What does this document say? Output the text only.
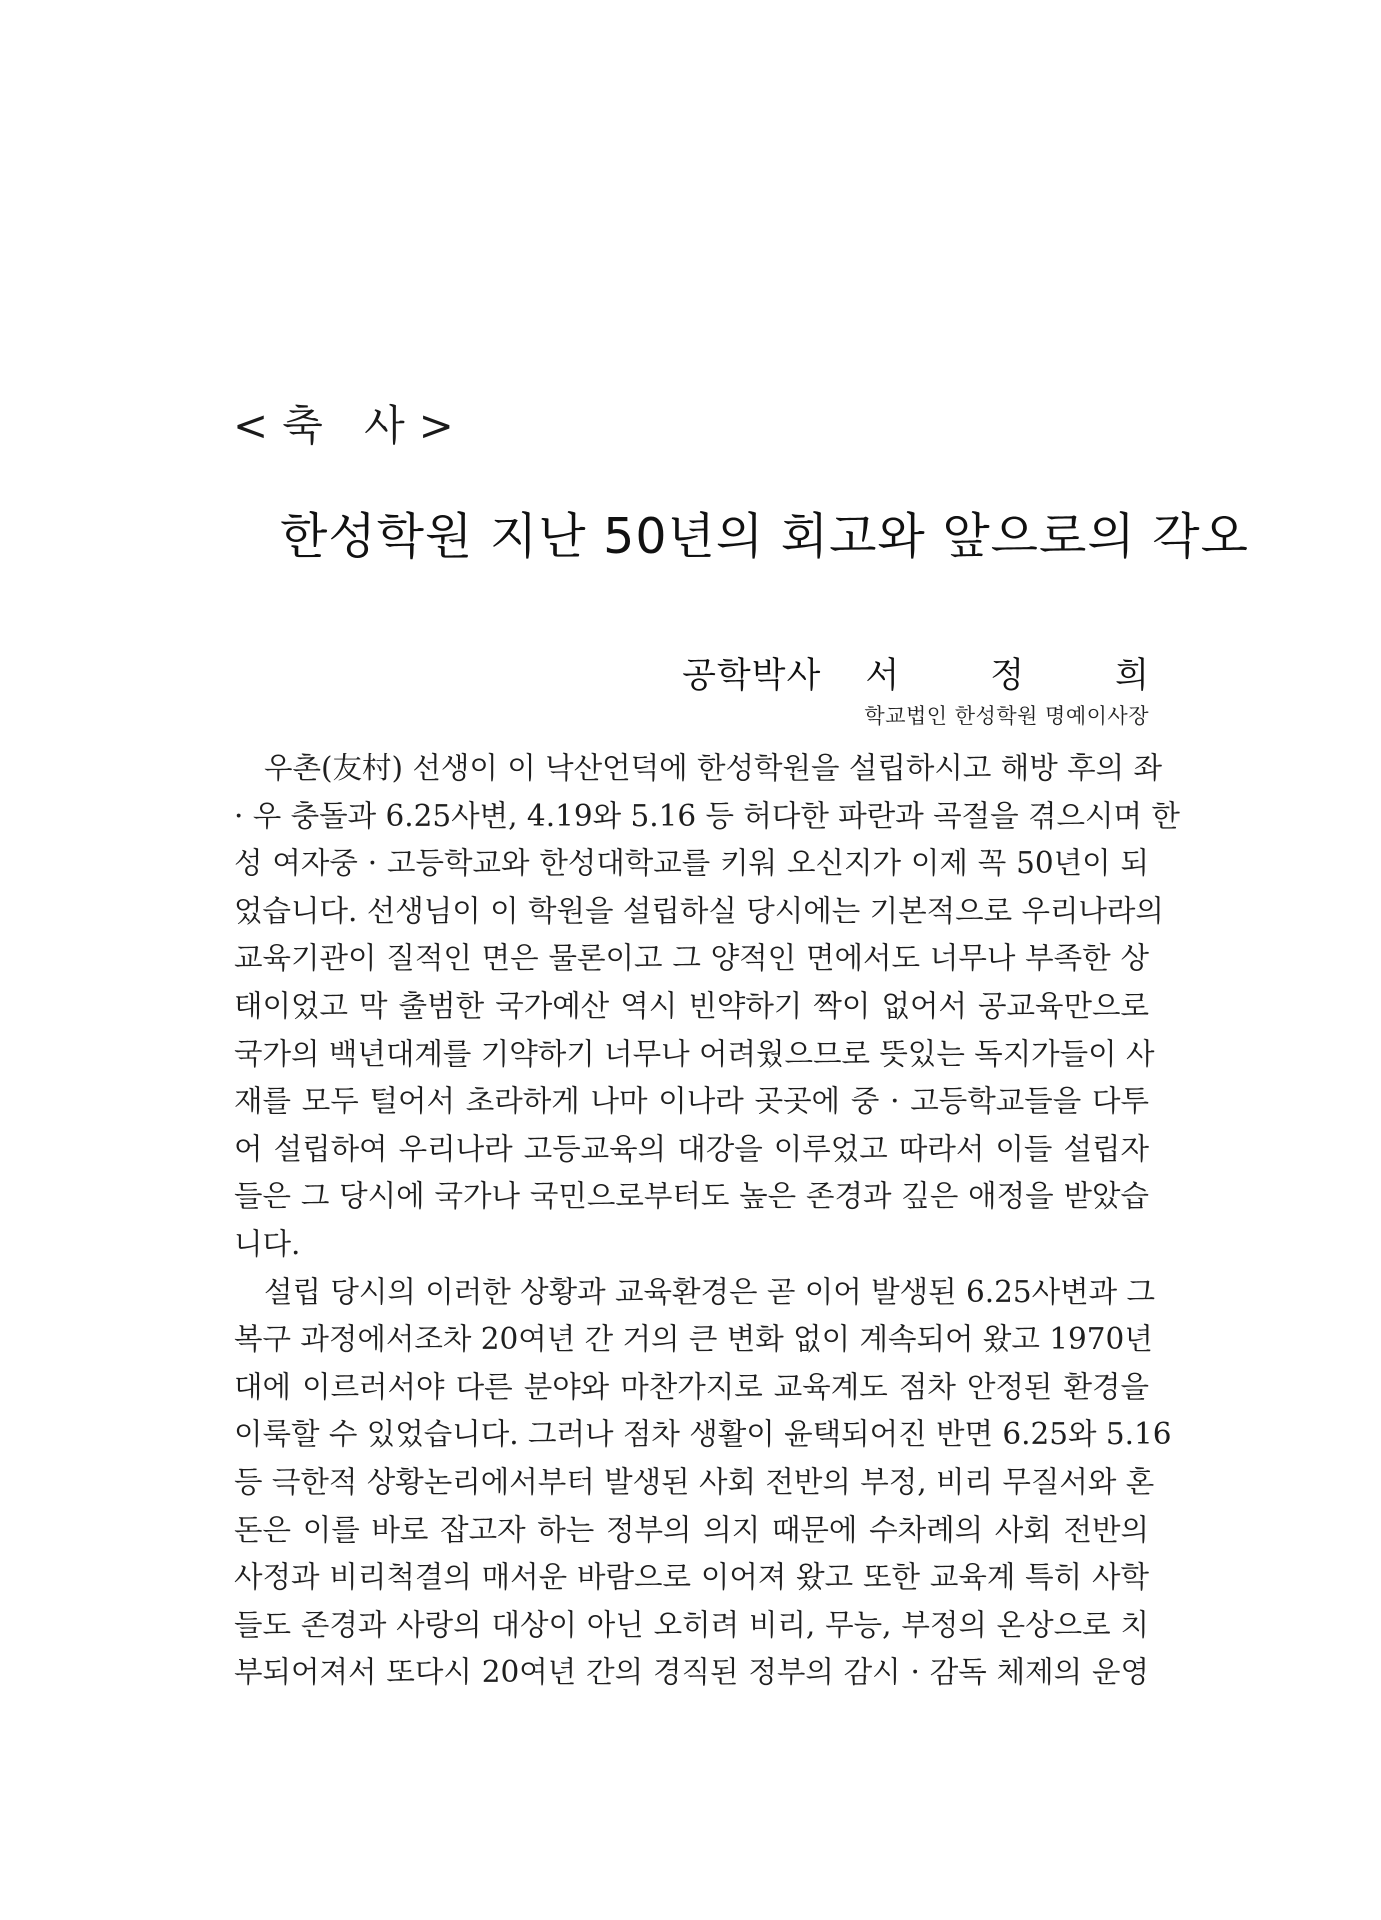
<축 사>
한성학원 지난 50년의 회고와 앞으로의 각오
공학박사 서 정 희
학교법인 한성학원 명예이사장
우촌(友村) 선생이 이 낙산언덕에 한성학원을 설립하시고 해방 후의 좌
· 우 충돌과 6.25사변, 4.19와 5.16 등 허다한 파란과 곡절을 겪으시며 한
성 여자중 · 고등학교와 한성대학교를 키워 오신지가 이제 꼭 50년이 되
었습니다. 선생님이 이 학원을 설립하실 당시에는 기본적으로 우리나라의
교육기관이 질적인 면은 물론이고 그 양적인 면에서도 너무나 부족한 상
태이었고 막 출범한 국가예산 역시 빈약하기 짝이 없어서 공교육만으로
국가의 백년대계를 기약하기 너무나 어려웠으므로 뜻있는 독지가들이 사
재를 모두 털어서 초라하게 나마 이나라 곳곳에 중 · 고등학교들을 다투
어 설립하여 우리나라 고등교육의 대강을 이루었고 따라서 이들 설립자
들은 그 당시에 국가나 국민으로부터도 높은 존경과 깊은 애정을 받았습
니다.
설립 당시의 이러한 상황과 교육환경은 곧 이어 발생된 6.25사변과 그
복구 과정에서조차 20여년 간 거의 큰 변화 없이 계속되어 왔고 1970년
대에 이르러서야 다른 분야와 마찬가지로 교육계도 점차 안정된 환경을
이룩할 수 있었습니다. 그러나 점차 생활이 윤택되어진 반면 6.25와 5.16
등 극한적 상황논리에서부터 발생된 사회 전반의 부정, 비리 무질서와 혼
돈은 이를 바로 잡고자 하는 정부의 의지 때문에 수차례의 사회 전반의
사정과 비리척결의 매서운 바람으로 이어져 왔고 또한 교육계 특히 사학
들도 존경과 사랑의 대상이 아닌 오히려 비리, 무능, 부정의 온상으로 치
부되어져서 또다시 20여년 간의 경직된 정부의 감시 · 감독 체제의 운영
